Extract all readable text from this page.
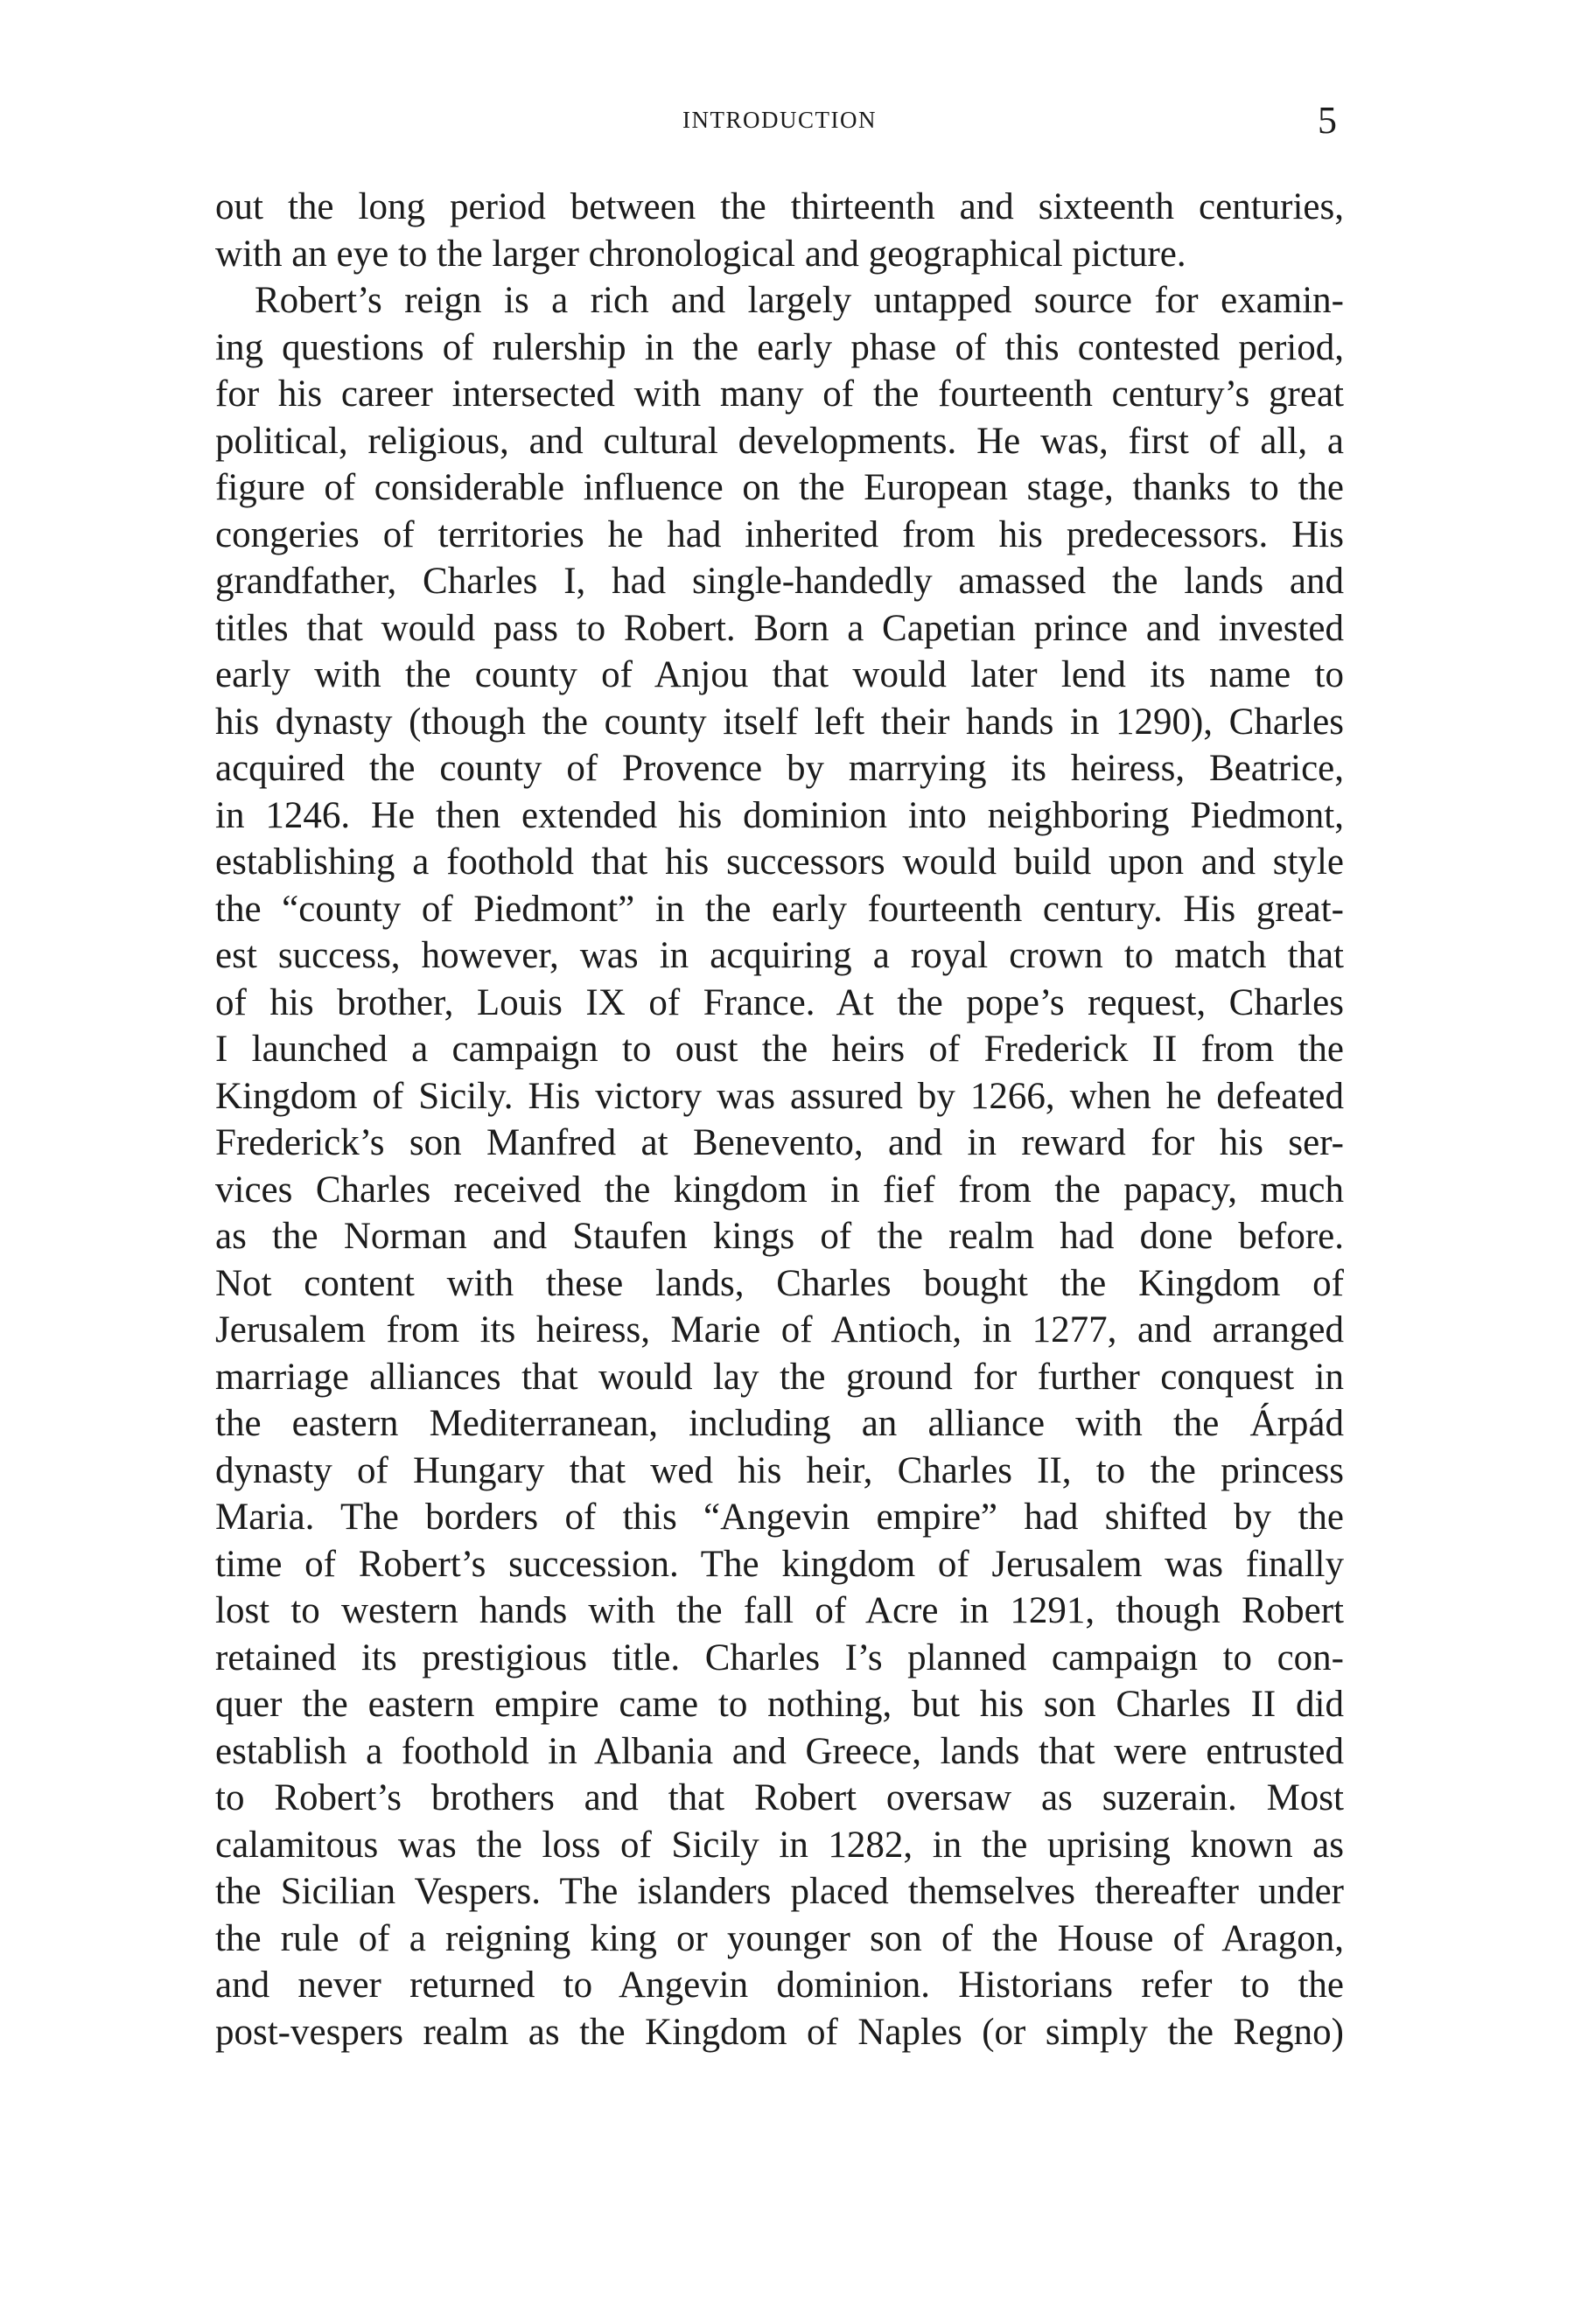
INTRODUCTION	5
out the long period between the thirteenth and sixteenth centuries,
with an eye to the larger chronological and geographical picture.
Robert’s reign is a rich and largely untapped source for examin-
ing questions of rulership in the early phase of this contested period,
for his career intersected with many of the fourteenth century’s great
political, religious, and cultural developments. He was, first of all, a
figure of considerable influence on the European stage, thanks to the
congeries of territories he had inherited from his predecessors. His
grandfather, Charles I, had single-handedly amassed the lands and
titles that would pass to Robert. Born a Capetian prince and invested
early with the county of Anjou that would later lend its name to
his dynasty (though the county itself left their hands in 1290), Charles
acquired the county of Provence by marrying its heiress, Beatrice,
in 1246. He then extended his dominion into neighboring Piedmont,
establishing a foothold that his successors would build upon and style
the “county of Piedmont” in the early fourteenth century. His great-
est success, however, was in acquiring a royal crown to match that
of his brother, Louis IX of France. At the pope’s request, Charles
I launched a campaign to oust the heirs of Frederick II from the
Kingdom of Sicily. His victory was assured by 1266, when he defeated
Frederick’s son Manfred at Benevento, and in reward for his ser-
vices Charles received the kingdom in fief from the papacy, much
as the Norman and Staufen kings of the realm had done before.
Not content with these lands, Charles bought the Kingdom of
Jerusalem from its heiress, Marie of Antioch, in 1277, and arranged
marriage alliances that would lay the ground for further conquest in
the eastern Mediterranean, including an alliance with the Árpád
dynasty of Hungary that wed his heir, Charles II, to the princess
Maria. The borders of this “Angevin empire” had shifted by the
time of Robert’s succession. The kingdom of Jerusalem was finally
lost to western hands with the fall of Acre in 1291, though Robert
retained its prestigious title. Charles I’s planned campaign to con-
quer the eastern empire came to nothing, but his son Charles II did
establish a foothold in Albania and Greece, lands that were entrusted
to Robert’s brothers and that Robert oversaw as suzerain. Most
calamitous was the loss of Sicily in 1282, in the uprising known as
the Sicilian Vespers. The islanders placed themselves thereafter under
the rule of a reigning king or younger son of the House of Aragon,
and never returned to Angevin dominion. Historians refer to the
post-vespers realm as the Kingdom of Naples (or simply the Regno)
